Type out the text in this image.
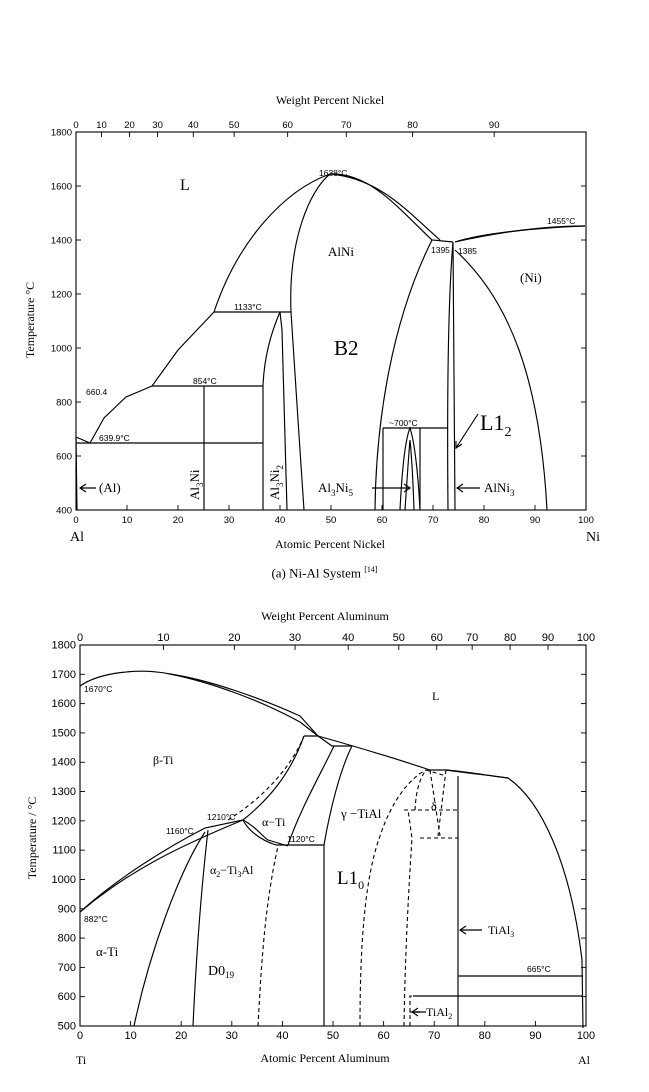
0	10	20	30	40	50	60	70	80	90	100
0 10 20 30	40	50	60	70	80	90
400
600
800
1000
1200
1400
1600
1800
Weight Percent Nickel
Atomic Percent Nickel
Temperature °C
Al	Ni
L
AlNi
B2
(Ni)
(Al)
$L1_2$
$Al_3Ni$
$Al_3Ni_2$
$Al_3Ni_5$	AlNi$_3$
1638°C
1455°C
1395 1385
1133°C
854°C
660.4
639.9°C
~700°C
(a) Ni-Al System [14]
0	10	20	30	40	50	60	70	80	90	100
0	10	20	30	40	50 60 70 80 90 100
500
600
700
800
900
1000
1100
1200
1300
1400
1500
1600
1700
1800
Weight Percent Aluminum
Atomic Percent Aluminum
Temperature / °C
Ti	Al
L
β-Ti
α−Ti
α-Ti
γ −TiAl
$\alpha_2-Ti_3Al$	$L1_0$
$D0_{19}$
δ
TiAl$_3$
TiAl$_2$
1670°C
882°C
1210°C
1160°C
1120°C
665°C
